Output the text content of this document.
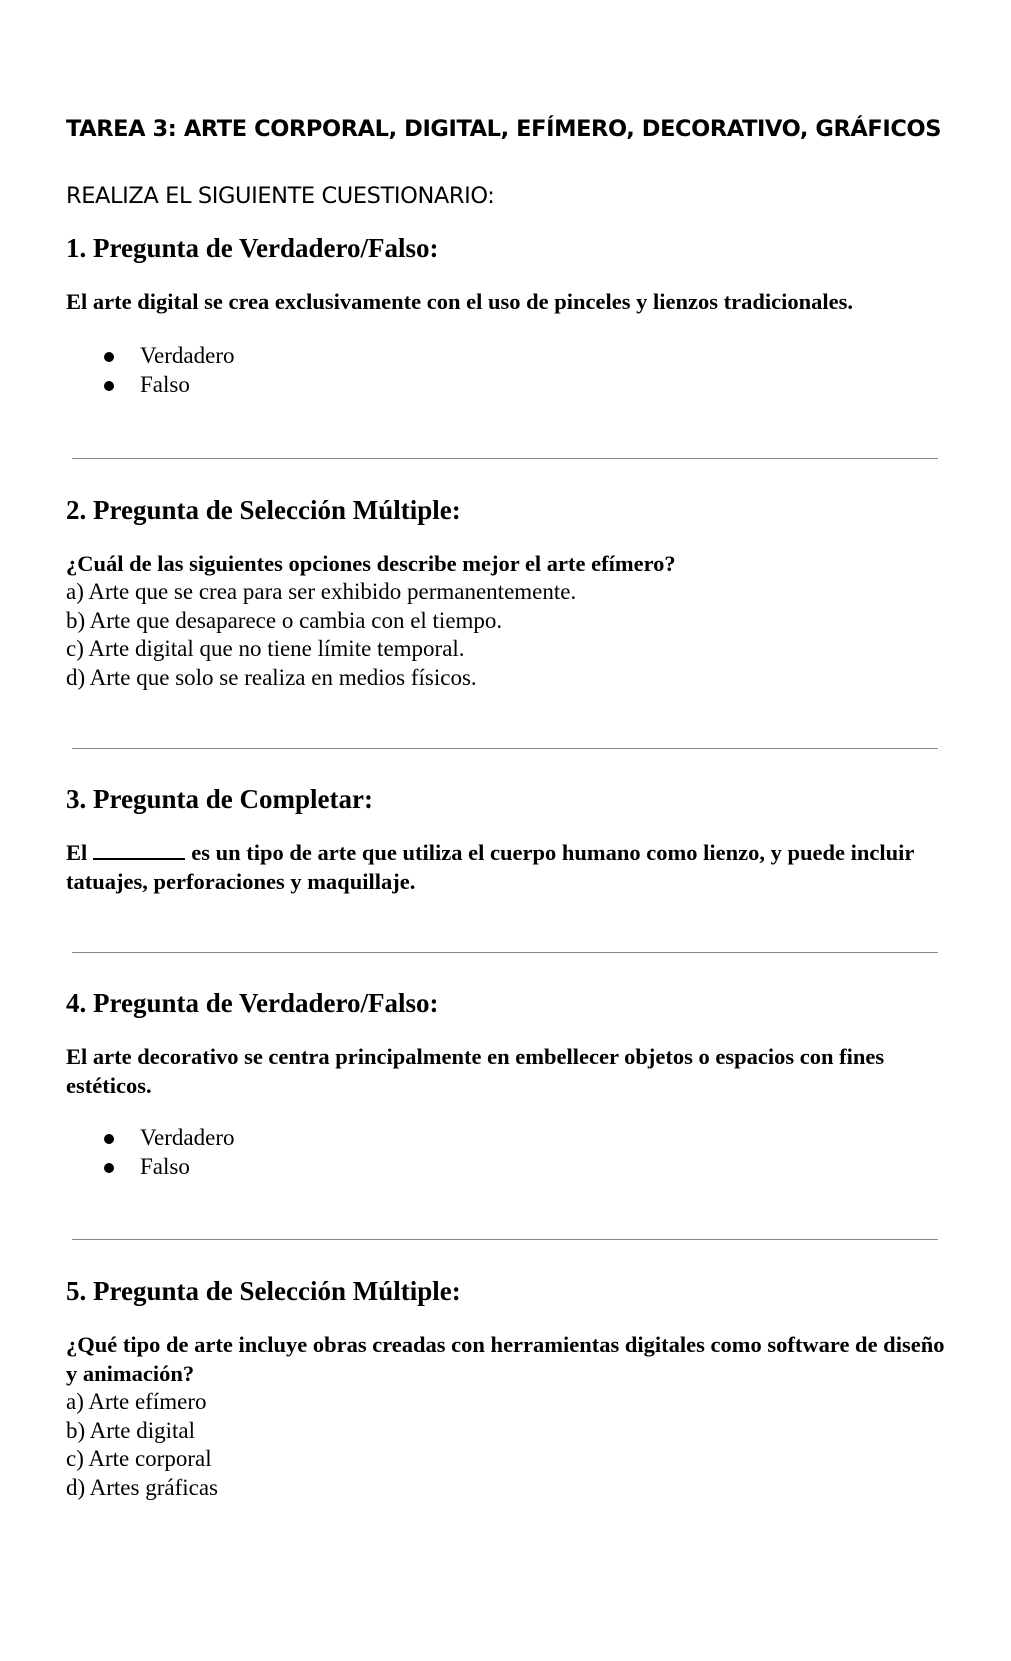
TAREA 3: ARTE CORPORAL, DIGITAL, EFÍMERO, DECORATIVO, GRÁFICOS

REALIZA EL SIGUIENTE CUESTIONARIO:

1. Pregunta de Verdadero/Falso:

El arte digital se crea exclusivamente con el uso de pinceles y lienzos tradicionales.

Verdadero
Falso
2. Pregunta de Selección Múltiple:

¿Cuál de las siguientes opciones describe mejor el arte efímero?

a) Arte que se crea para ser exhibido permanentemente.
b) Arte que desaparece o cambia con el tiempo.
c) Arte digital que no tiene límite temporal.
d) Arte que solo se realiza en medios físicos.
3. Pregunta de Completar:

El	es un tipo de arte que utiliza el cuerpo humano como lienzo, y puede incluir tatuajes, perforaciones y maquillaje.

4. Pregunta de Verdadero/Falso:

El arte decorativo se centra principalmente en embellecer objetos o espacios con fines estéticos.

Verdadero
Falso
5. Pregunta de Selección Múltiple:

¿Qué tipo de arte incluye obras creadas con herramientas digitales como software de diseño y animación?

a) Arte efímero
b) Arte digital
c) Arte corporal
d) Artes gráficas
